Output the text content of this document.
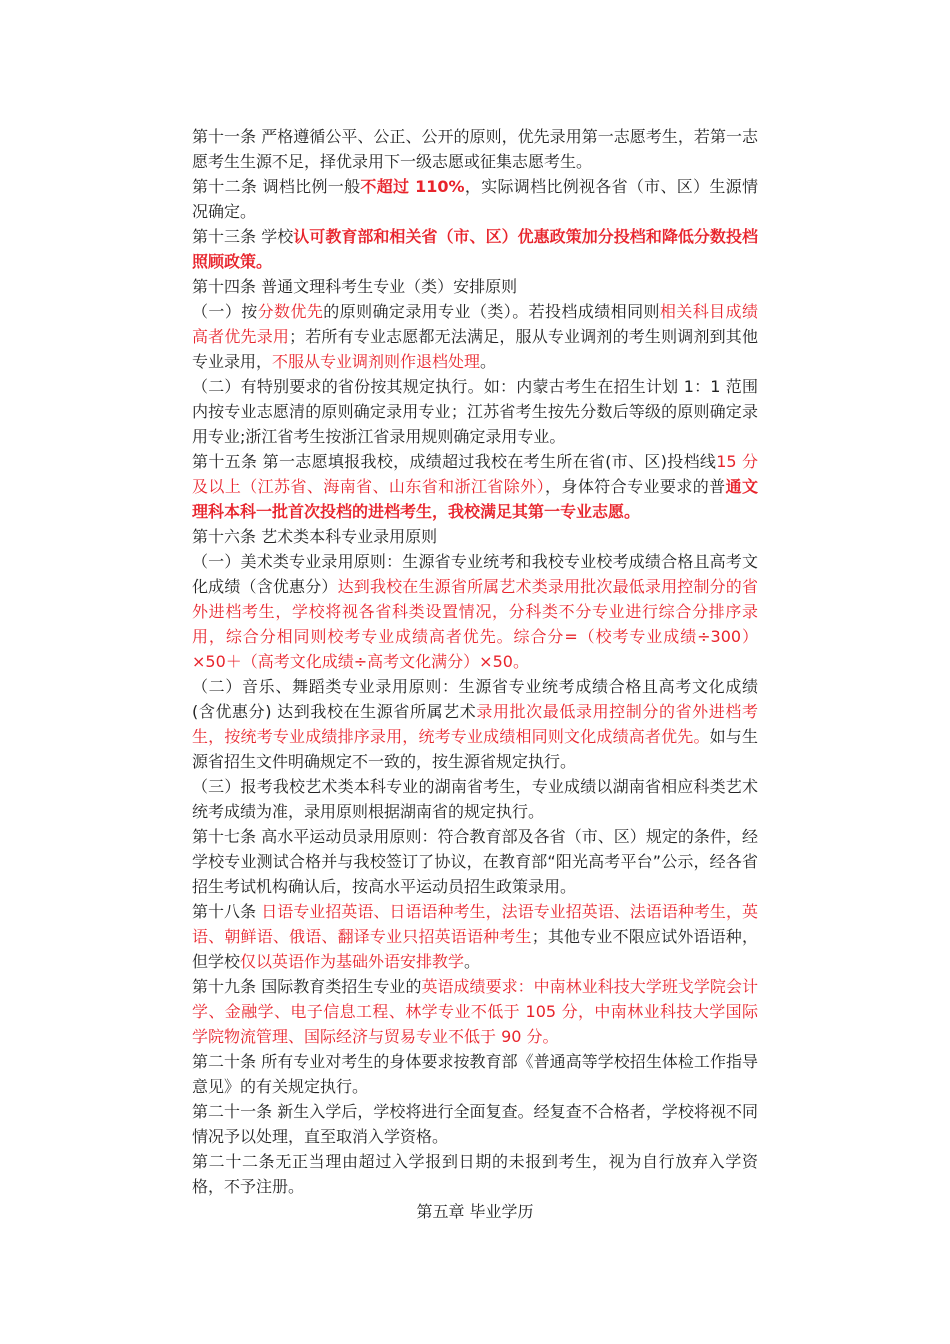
第十一条 严格遵循公平、公正、公开的原则，优先录用第一志愿考生，若第一志愿考生生源不足，择优录用下一级志愿或征集志愿考生。

第十二条 调档比例一般不超过 110%，实际调档比例视各省（市、区）生源情况确定。

第十三条 学校认可教育部和相关省（市、区）优惠政策加分投档和降低分数投档照顾政策。

第十四条 普通文理科考生专业（类）安排原则

（一）按分数优先的原则确定录用专业（类）。若投档成绩相同则相关科目成绩高者优先录用；若所有专业志愿都无法满足，服从专业调剂的考生则调剂到其他专业录用，不服从专业调剂则作退档处理。

（二）有特别要求的省份按其规定执行。如：内蒙古考生在招生计划 1：1 范围内按专业志愿清的原则确定录用专业；江苏省考生按先分数后等级的原则确定录用专业;浙江省考生按浙江省录用规则确定录用专业。

第十五条 第一志愿填报我校，成绩超过我校在考生所在省(市、区)投档线15 分及以上（江苏省、海南省、山东省和浙江省除外），身体符合专业要求的普通文理科本科一批首次投档的进档考生，我校满足其第一专业志愿。

第十六条 艺术类本科专业录用原则

（一）美术类专业录用原则：生源省专业统考和我校专业校考成绩合格且高考文化成绩（含优惠分）达到我校在生源省所属艺术类录用批次最低录用控制分的省外进档考生，学校将视各省科类设置情况，分科类不分专业进行综合分排序录用，综合分相同则校考专业成绩高者优先。综合分=（校考专业成绩÷300）×50＋（高考文化成绩÷高考文化满分）×50。

（二）音乐、舞蹈类专业录用原则：生源省专业统考成绩合格且高考文化成绩(含优惠分) 达到我校在生源省所属艺术录用批次最低录用控制分的省外进档考生，按统考专业成绩排序录用，统考专业成绩相同则文化成绩高者优先。如与生源省招生文件明确规定不一致的，按生源省规定执行。

（三）报考我校艺术类本科专业的湖南省考生，专业成绩以湖南省相应科类艺术统考成绩为准，录用原则根据湖南省的规定执行。

第十七条 高水平运动员录用原则：符合教育部及各省（市、区）规定的条件，经学校专业测试合格并与我校签订了协议，在教育部“阳光高考平台”公示，经各省招生考试机构确认后，按高水平运动员招生政策录用。

第十八条 日语专业招英语、日语语种考生，法语专业招英语、法语语种考生，英语、朝鲜语、俄语、翻译专业只招英语语种考生；其他专业不限应试外语语种，但学校仅以英语作为基础外语安排教学。

第十九条 国际教育类招生专业的英语成绩要求：中南林业科技大学班戈学院会计学、金融学、电子信息工程、林学专业不低于 105 分，中南林业科技大学国际学院物流管理、国际经济与贸易专业不低于 90 分。

第二十条 所有专业对考生的身体要求按教育部《普通高等学校招生体检工作指导意见》的有关规定执行。

第二十一条 新生入学后，学校将进行全面复查。经复查不合格者，学校将视不同情况予以处理，直至取消入学资格。

第二十二条无正当理由超过入学报到日期的未报到考生，视为自行放弃入学资格，不予注册。

第五章 毕业学历
